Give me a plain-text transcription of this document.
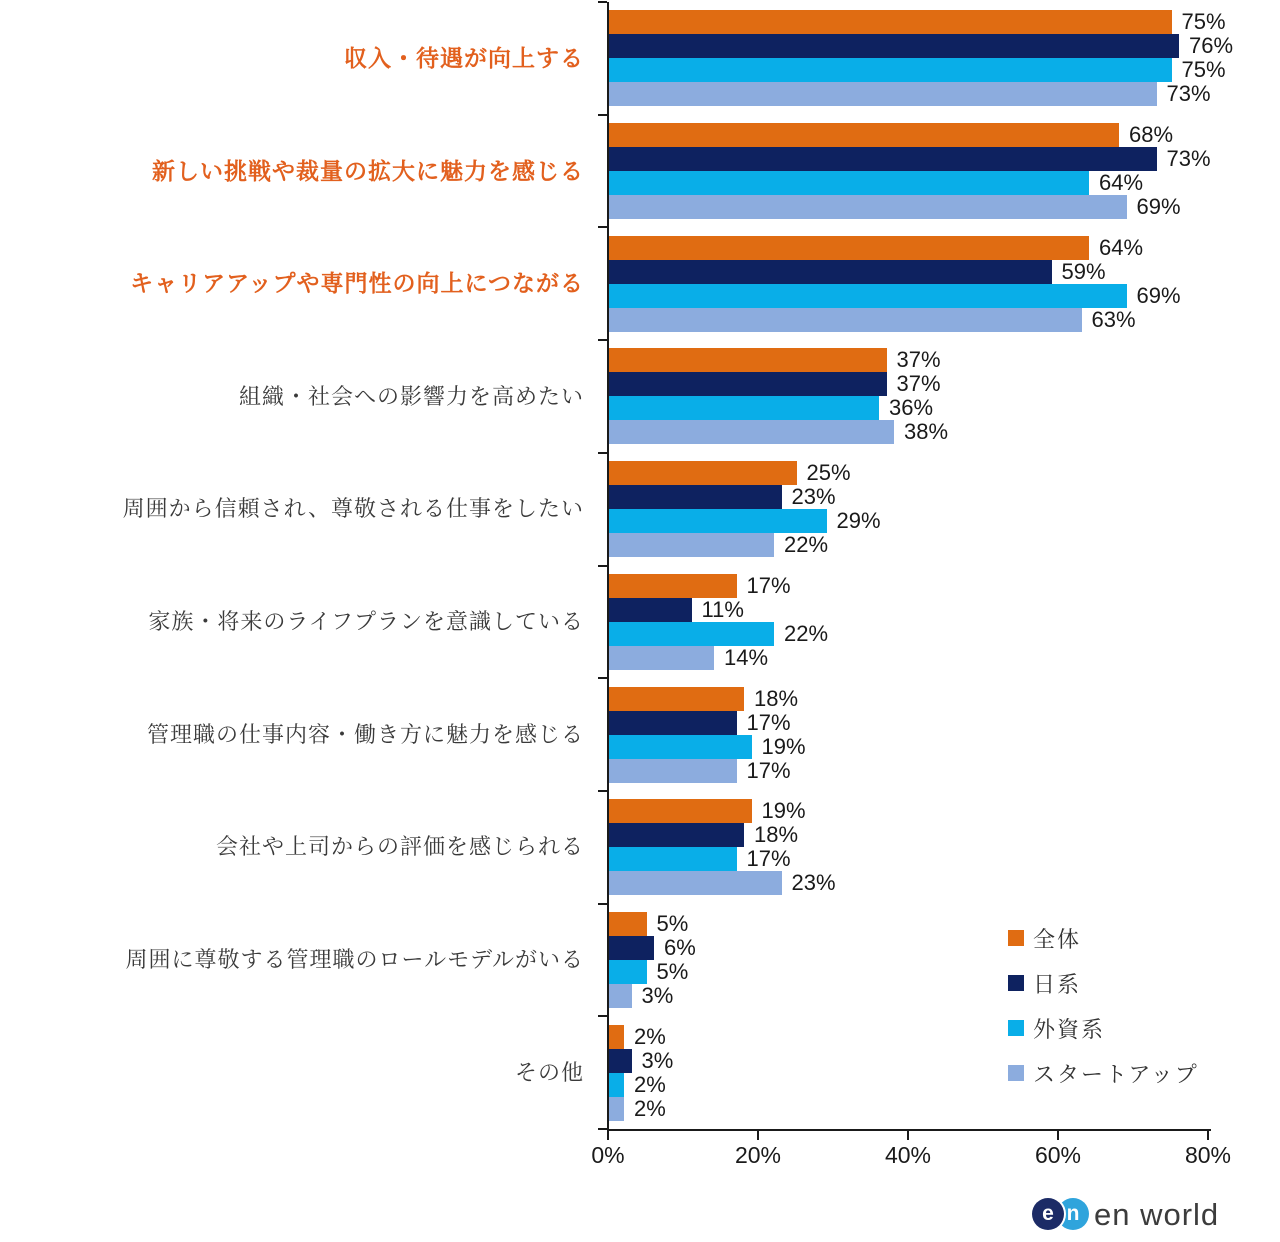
収入・待遇が向上する
75%
76%
75%
73%
新しい挑戦や裁量の拡大に魅力を感じる
68%
73%
64%
69%
キャリアアップや専門性の向上につながる
64%
59%
69%
63%
組織・社会への影響力を高めたい
37%
37%
36%
38%
周囲から信頼され、尊敬される仕事をしたい
25%
23%
29%
22%
家族・将来のライフプランを意識している
17%
11%
22%
14%
管理職の仕事内容・働き方に魅力を感じる
18%
17%
19%
17%
会社や上司からの評価を感じられる
19%
18%
17%
23%
周囲に尊敬する管理職のロールモデルがいる
5%
6%
5%
3%
その他
2%
3%
2%
2%
0%	20%	40%	60%	80%
全体
日系
外資系
スタートアップ
e n en world
